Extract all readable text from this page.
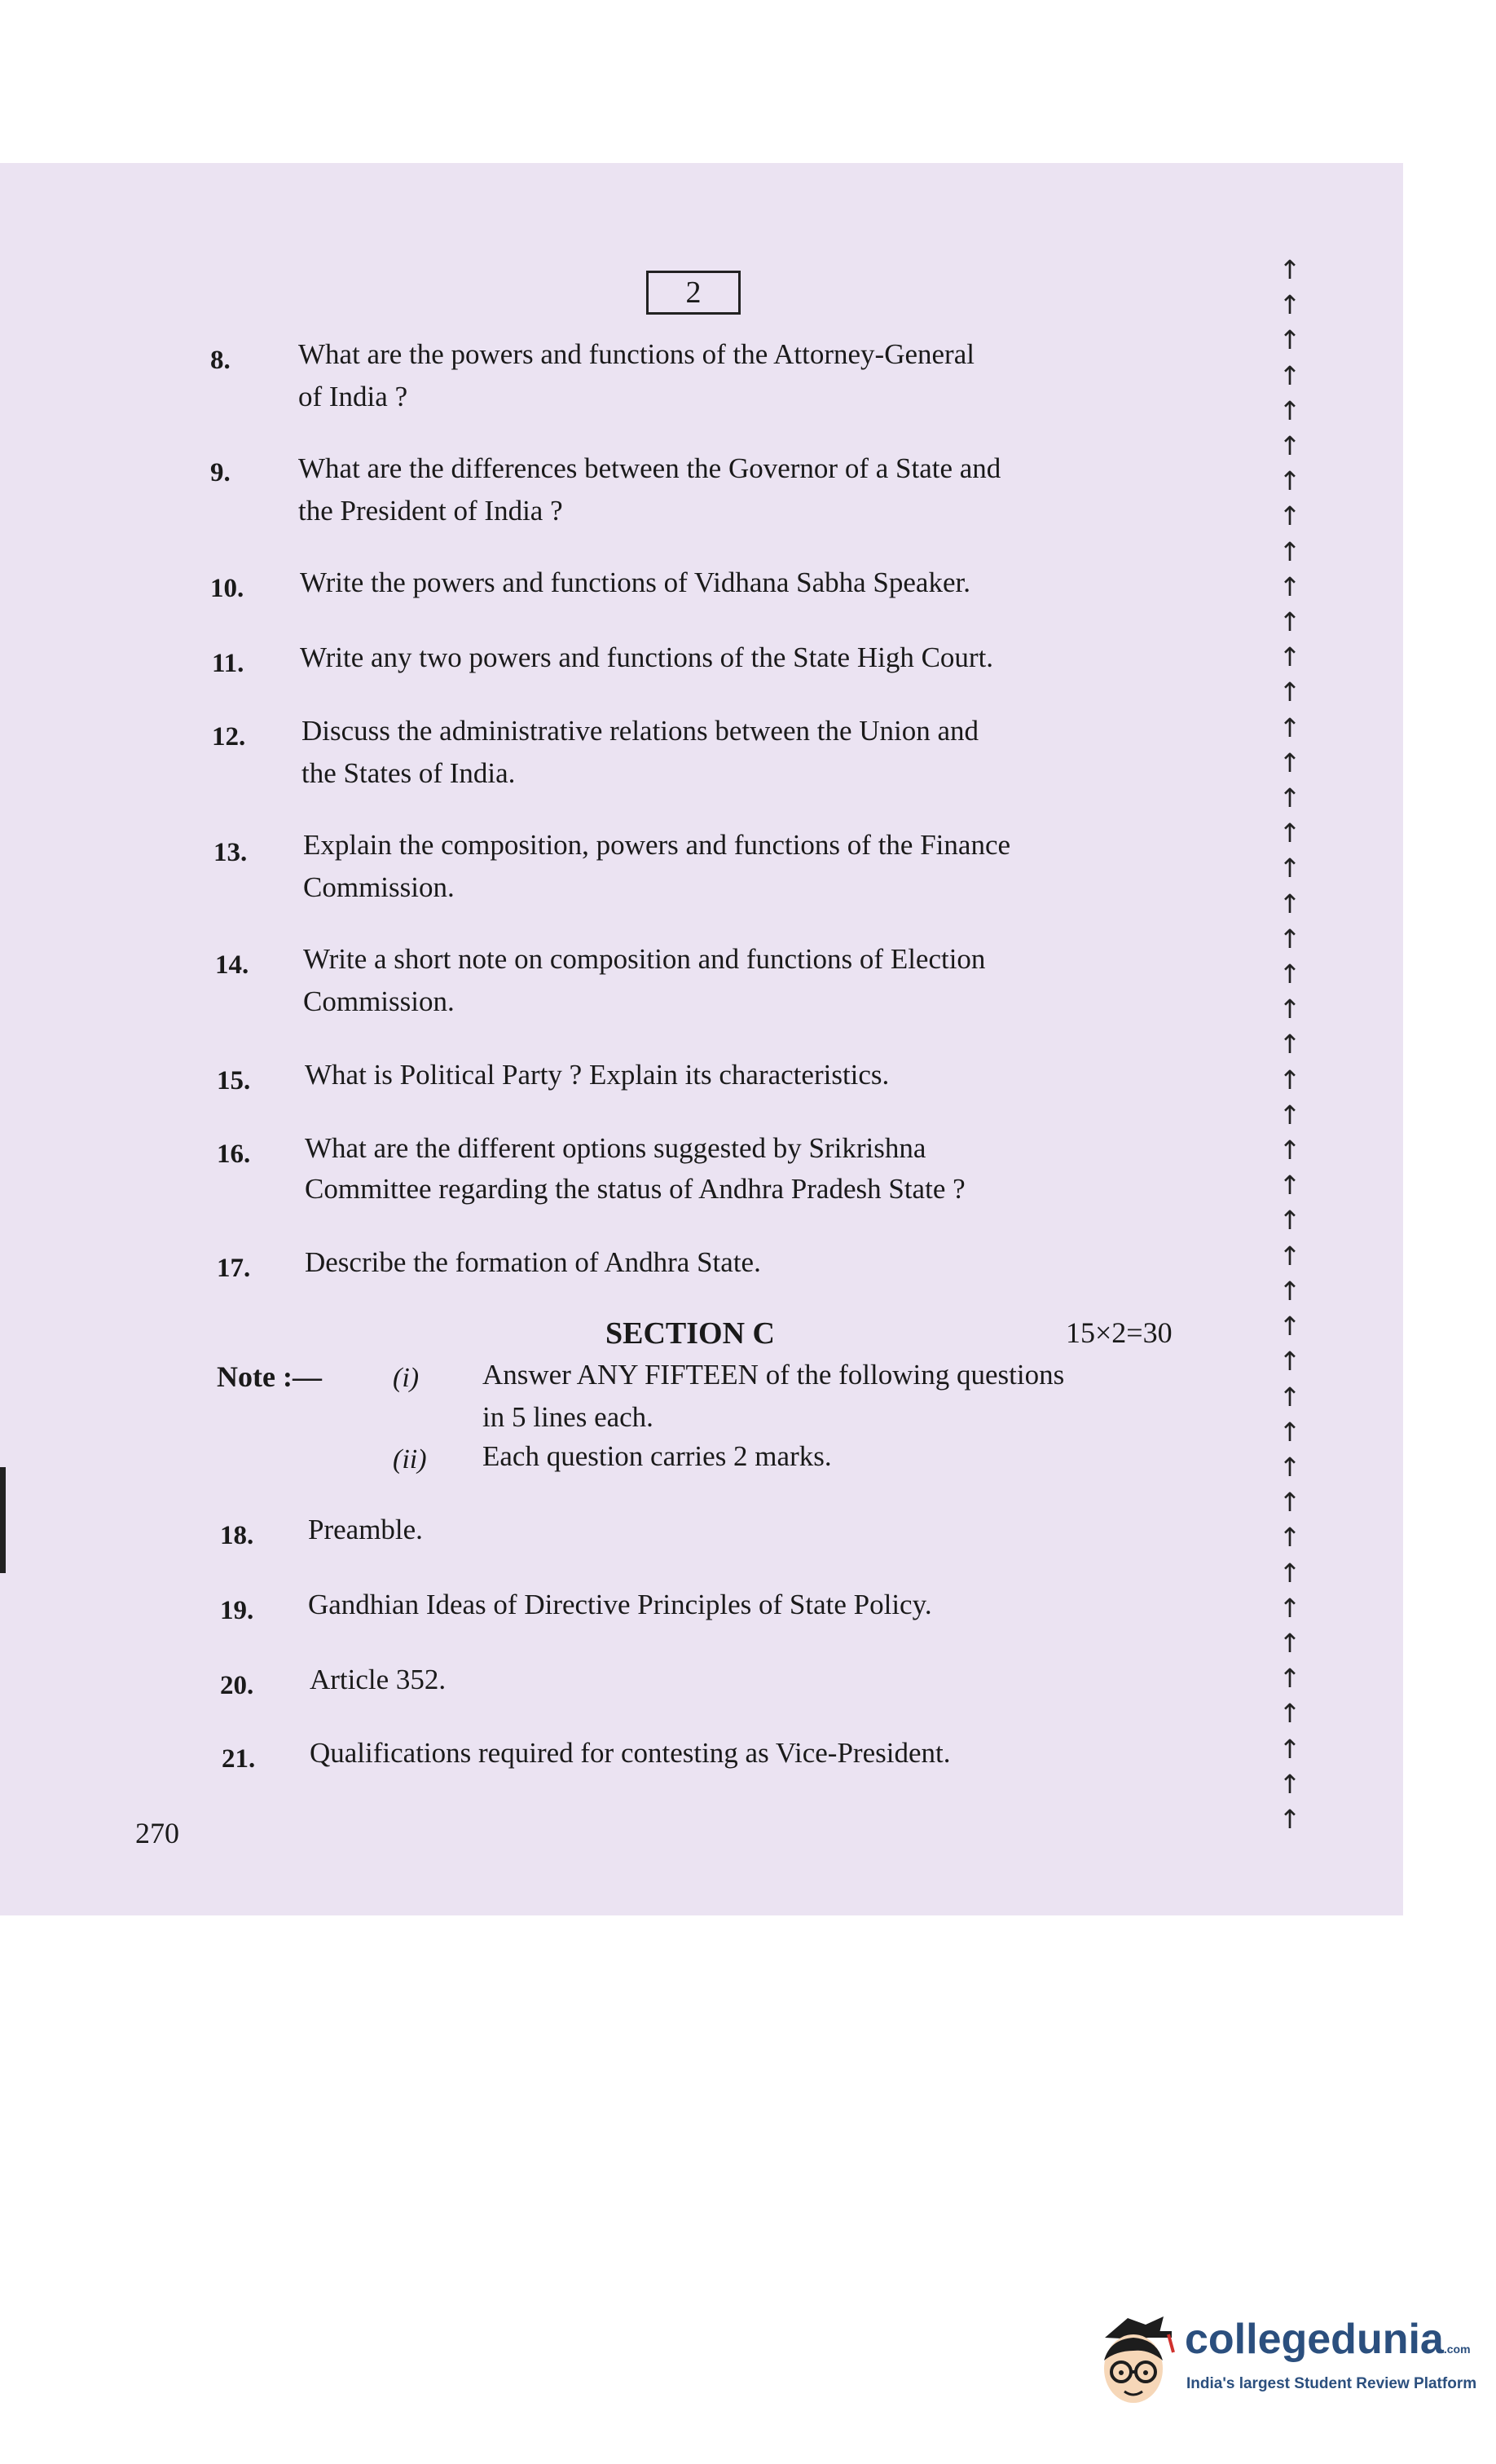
2
8. What are the powers and functions of the Attorney-General
of India ?
9. What are the differences between the Governor of a State and
the President of India ?
10. Write the powers and functions of Vidhana Sabha Speaker.
11. Write any two powers and functions of the State High Court.
12. Discuss the administrative relations between the Union and
the States of India.
13. Explain the composition, powers and functions of the Finance
Commission.
14. Write a short note on composition and functions of Election
Commission.
15. What is Political Party ? Explain its characteristics.
16. What are the different options suggested by Srikrishna
Committee regarding the status of Andhra Pradesh State ?
17. Describe the formation of Andhra State.
SECTION C	15×2=30
Note :—	(i) Answer ANY FIFTEEN of the following questions
in 5 lines each.
(ii) Each question carries 2 marks.
18. Preamble.
19. Gandhian Ideas of Directive Principles of State Policy.
20. Article 352.
21. Qualifications required for contesting as Vice-President.
270
↑
↑
↑
↑
↑
↑
↑
↑
↑
↑
↑
↑
↑
↑
↑
↑
↑
↑
↑
↑
↑
↑
↑
↑
↑
↑
↑
↑
↑
↑
↑
↑
↑
↑
↑
↑
↑
↑
↑
↑
↑
↑
↑
↑
↑
collegedunia.com
India's largest Student Review Platform
